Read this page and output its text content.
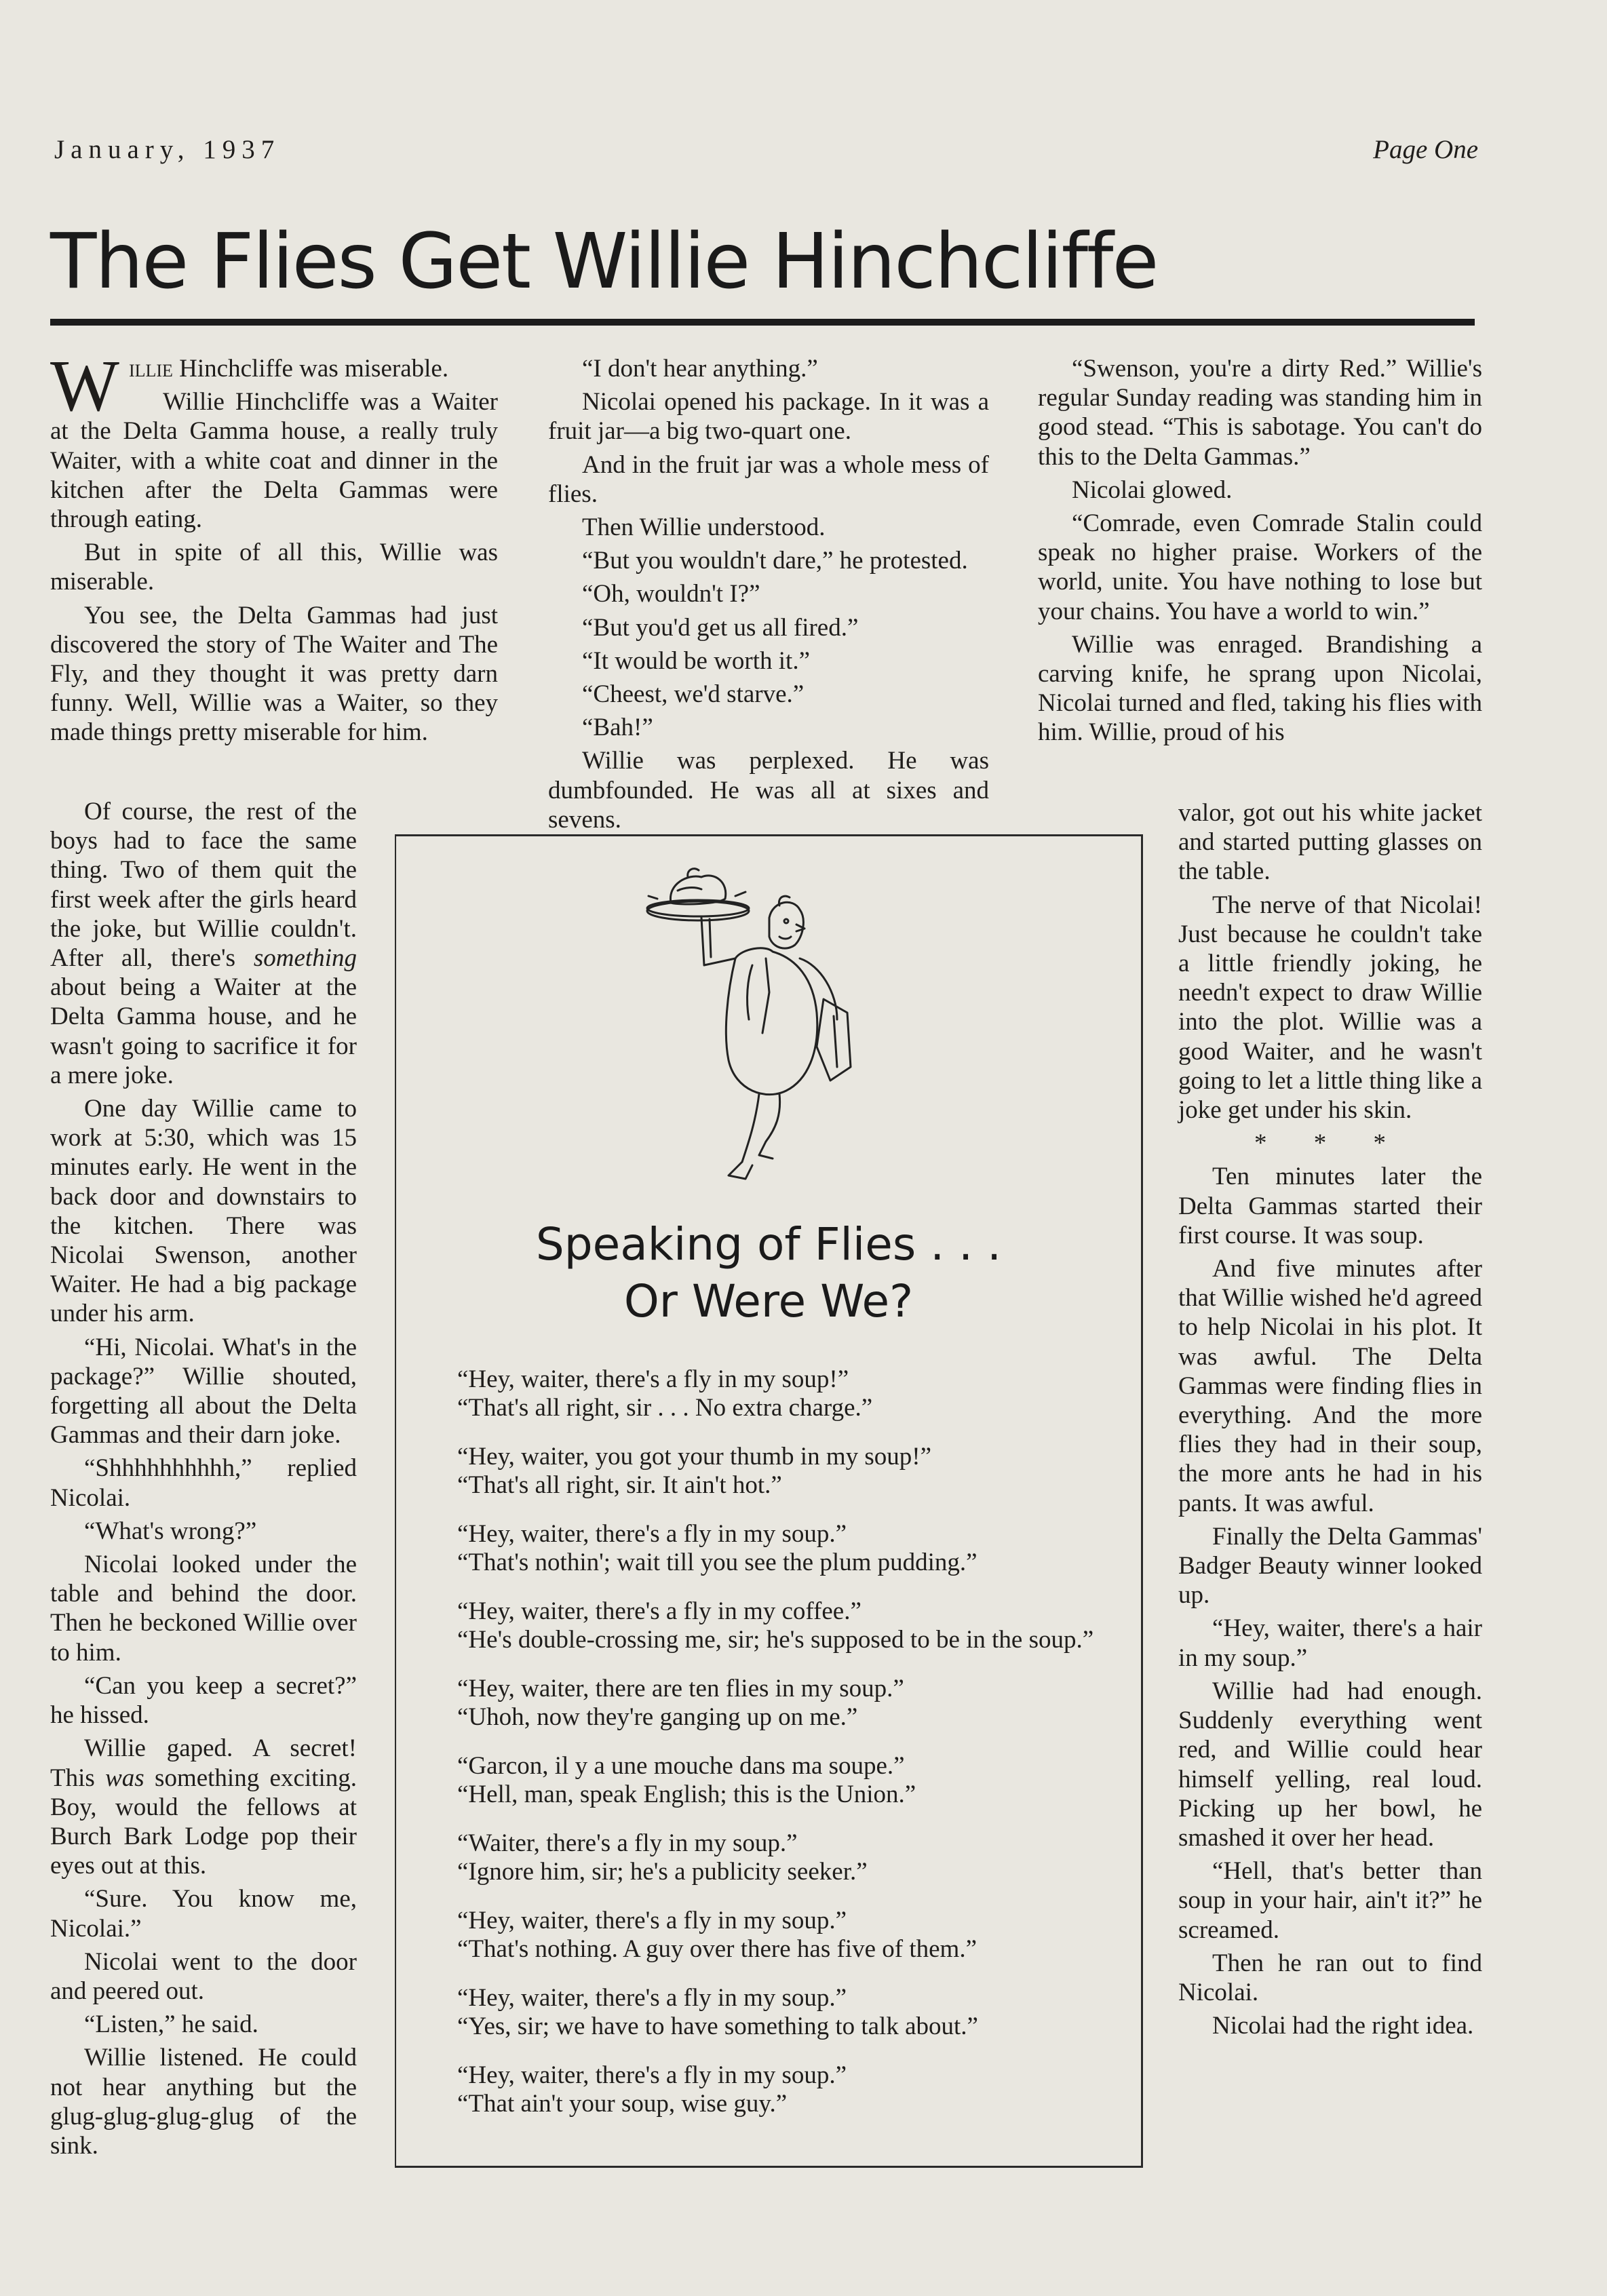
January, 1937	Page One
The Flies Get Willie Hinchcliffe

Willie Hinchcliffe was miserable.

Willie Hinchcliffe was a Waiter at the Delta Gamma house, a really truly Waiter, with a white coat and dinner in the kitchen after the Delta Gammas were through eating.

But in spite of all this, Willie was miserable.

You see, the Delta Gammas had just discovered the story of The Waiter and The Fly, and they thought it was pretty darn funny. Well, Willie was a Waiter, so they made things pretty miserable for him.

Of course, the rest of the boys had to face the same thing. Two of them quit the first week after the girls heard the joke, but Willie couldn't. After all, there's something about being a Waiter at the Delta Gamma house, and he wasn't going to sacrifice it for a mere joke.

One day Willie came to work at 5:30, which was 15 minutes early. He went in the back door and downstairs to the kitchen. There was Nicolai Swenson, another Waiter. He had a big package under his arm.

“Hi, Nicolai. What's in the package?” Willie shouted, forgetting all about the Delta Gammas and their darn joke.

“Shhhhhhhhhh,” replied Nicolai.

“What's wrong?”

Nicolai looked under the table and behind the door. Then he beckoned Willie over to him.

“Can you keep a secret?” he hissed.

Willie gaped. A secret! This was something exciting. Boy, would the fellows at Burch Bark Lodge pop their eyes out at this.

“Sure. You know me, Nicolai.”

Nicolai went to the door and peered out.

“Listen,” he said.

Willie listened. He could not hear anything but the glug-glug-glug-glug of the sink.

“I don't hear anything.”

Nicolai opened his package. In it was a fruit jar—a big two-quart one.

And in the fruit jar was a whole mess of flies.

Then Willie understood.

“But you wouldn't dare,” he protested.

“Oh, wouldn't I?”

“But you'd get us all fired.”

“It would be worth it.”

“Cheest, we'd starve.”

“Bah!”

Willie was perplexed. He was dumbfounded. He was all at sixes and sevens.

“Swenson, you're a dirty Red.” Willie's regular Sunday reading was standing him in good stead. “This is sabotage. You can't do this to the Delta Gammas.”

Nicolai glowed.

“Comrade, even Comrade Stalin could speak no higher praise. Workers of the world, unite. You have nothing to lose but your chains. You have a world to win.”

Willie was enraged. Brandishing a carving knife, he sprang upon Nicolai, Nicolai turned and fled, taking his flies with him. Willie, proud of his

valor, got out his white jacket and started putting glasses on the table.

The nerve of that Nicolai! Just because he couldn't take a little friendly joking, he needn't expect to draw Willie into the plot. Willie was a good Waiter, and he wasn't going to let a little thing like a joke get under his skin.

* * *

Ten minutes later the Delta Gammas started their first course. It was soup.

And five minutes after that Willie wished he'd agreed to help Nicolai in his plot. It was awful. The Delta Gammas were finding flies in everything. And the more flies they had in their soup, the more ants he had in his pants. It was awful.

Finally the Delta Gammas' Badger Beauty winner looked up.

“Hey, waiter, there's a hair in my soup.”

Willie had had enough. Suddenly everything went red, and Willie could hear himself yelling, real loud. Picking up her bowl, he smashed it over her head.

“Hell, that's better than soup in your hair, ain't it?” he screamed.

Then he ran out to find Nicolai.

Nicolai had the right idea.

Speaking of Flies . . .
Or Were We?

“Hey, waiter, there's a fly in my soup!”

“That's all right, sir . . . No extra charge.”

“Hey, waiter, you got your thumb in my soup!”

“That's all right, sir. It ain't hot.”

“Hey, waiter, there's a fly in my soup.”

“That's nothin'; wait till you see the plum pudding.”

“Hey, waiter, there's a fly in my coffee.”

“He's double-crossing me, sir; he's supposed to be in the soup.”

“Hey, waiter, there are ten flies in my soup.”

“Uhoh, now they're ganging up on me.”

“Garcon, il y a une mouche dans ma soupe.”

“Hell, man, speak English; this is the Union.”

“Waiter, there's a fly in my soup.”

“Ignore him, sir; he's a publicity seeker.”

“Hey, waiter, there's a fly in my soup.”

“That's nothing. A guy over there has five of them.”

“Hey, waiter, there's a fly in my soup.”

“Yes, sir; we have to have something to talk about.”

“Hey, waiter, there's a fly in my soup.”

“That ain't your soup, wise guy.”
